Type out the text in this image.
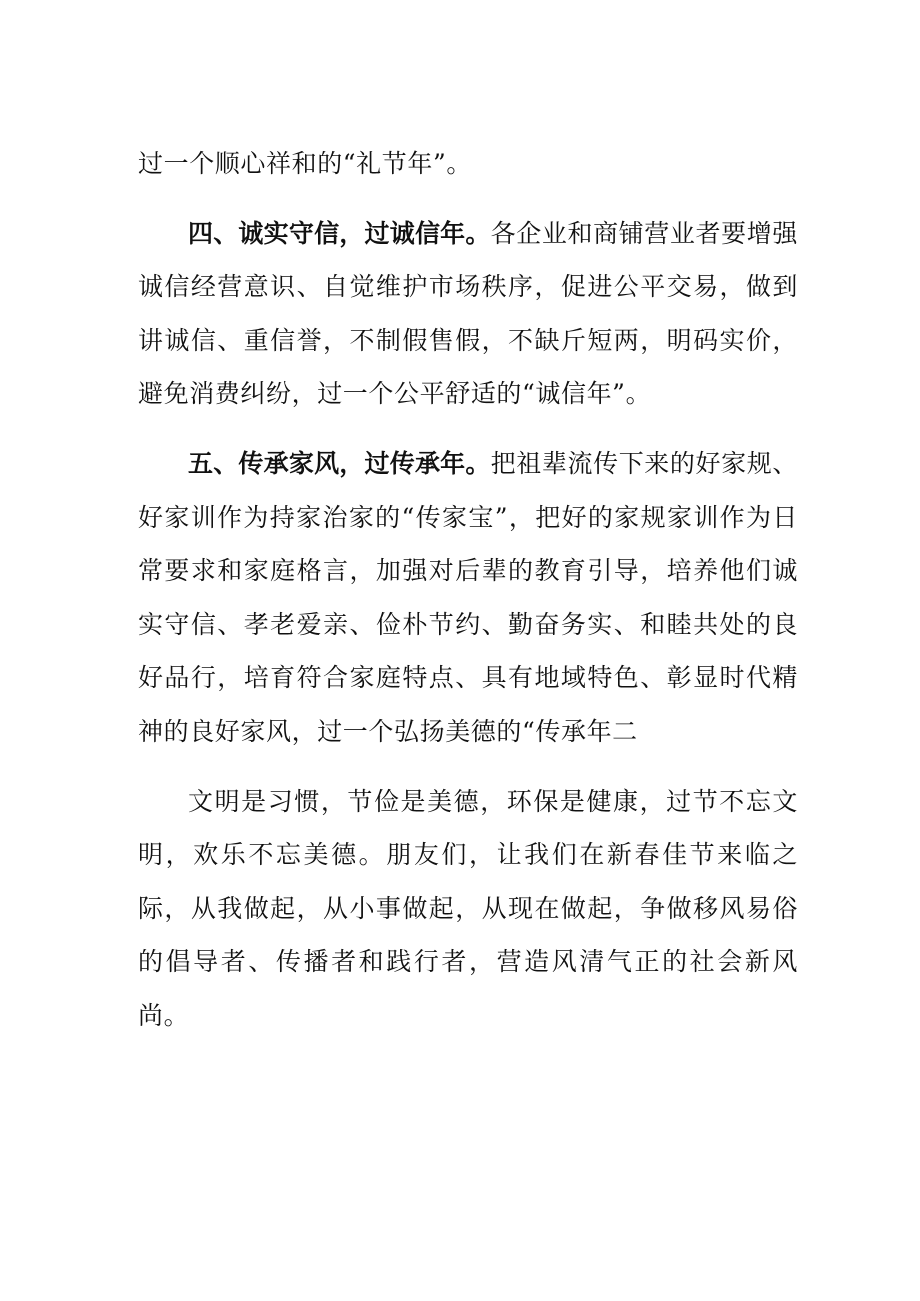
过一个顺心祥和的“礼节年”。

四、诚实守信，过诚信年。各企业和商铺营业者要增强诚信经营意识、自觉维护市场秩序，促进公平交易，做到讲诚信、重信誉，不制假售假，不缺斤短两，明码实价，避免消费纠纷，过一个公平舒适的“诚信年”。

五、传承家风，过传承年。把祖辈流传下来的好家规、好家训作为持家治家的“传家宝”，把好的家规家训作为日常要求和家庭格言，加强对后辈的教育引导，培养他们诚实守信、孝老爱亲、俭朴节约、勤奋务实、和睦共处的良好品行，培育符合家庭特点、具有地域特色、彰显时代精神的良好家风，过一个弘扬美德的“传承年二

文明是习惯，节俭是美德，环保是健康，过节不忘文明，欢乐不忘美德。朋友们，让我们在新春佳节来临之际，从我做起，从小事做起，从现在做起，争做移风易俗的倡导者、传播者和践行者，营造风清气正的社会新风尚。
